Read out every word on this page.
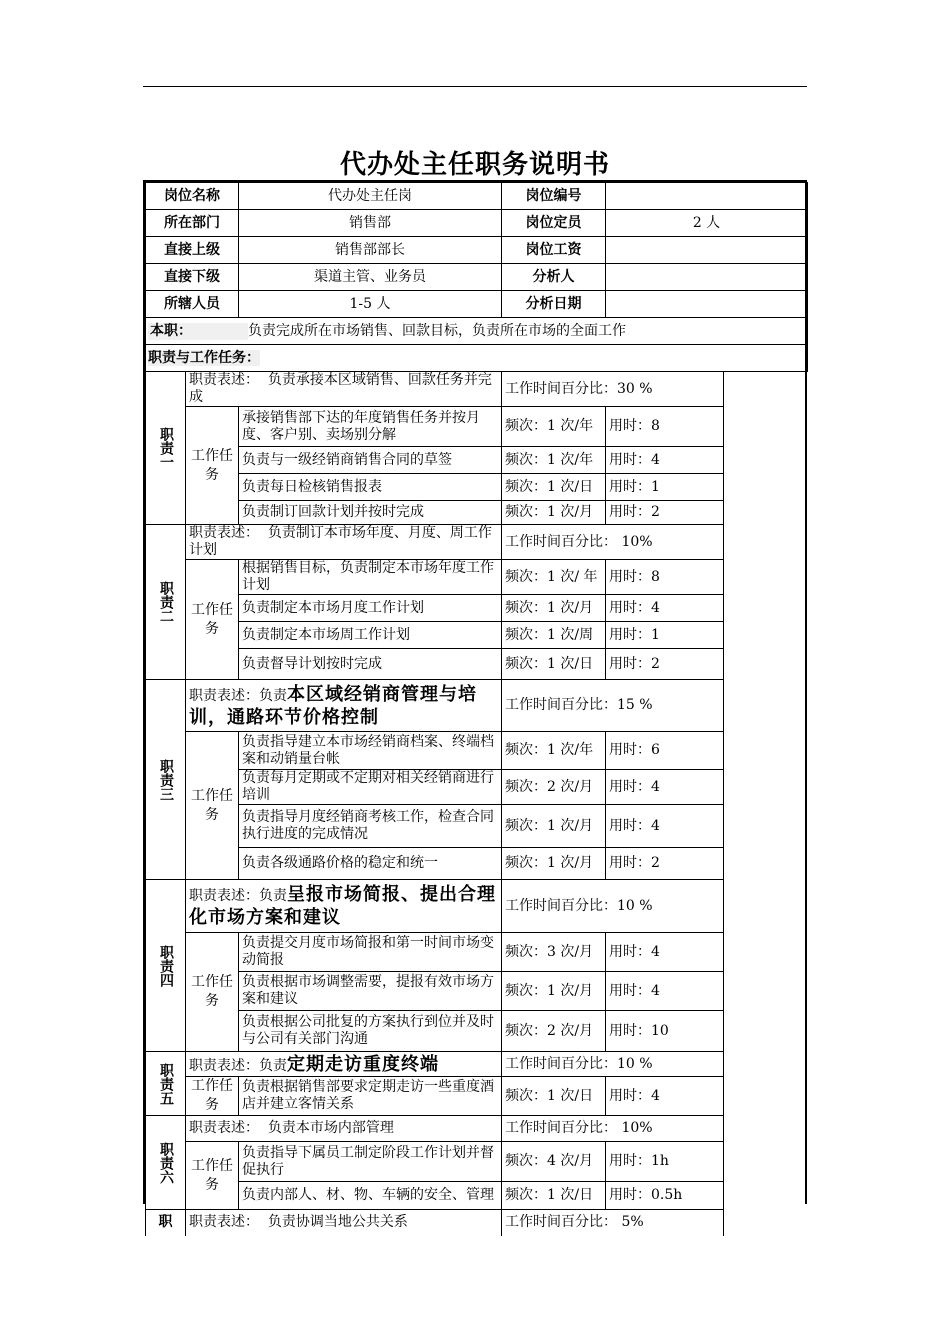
代办处主任职务说明书
岗位名称		代办处主任岗	岗位编号	
所在部门		销售部	岗位定员	2 人
直接上级		销售部部长	岗位工资	
直接下级		渠道主管、业务员	分析人	
所辖人员		1-5 人	分析日期	
本职： 负责完成所在市场销售、回款目标，负责所在市场的全面工作				
职责与工作任务：				
职责一	职责表述： 负责承接本区域销售、回款任务并完成		工作时间百分比：30 %	
	工作任务	承接销售部下达的年度销售任务并按月度、客户别、卖场别分解	频次：1 次/年	用时：8
		负责与一级经销商销售合同的草签	频次：1 次/年	用时：4
		负责每日检核销售报表	频次：1 次/日	用时：1
		负责制订回款计划并按时完成	频次：1 次/月	用时：2
职责二	职责表述： 负责制订本市场年度、月度、周工作计划		工作时间百分比： 10%	
	工作任务	根据销售目标，负责制定本市场年度工作计划	频次：1 次/ 年	用时：8
		负责制定本市场月度工作计划	频次：1 次/月	用时：4
		负责制定本市场周工作计划	频次：1 次/周	用时：1
		负责督导计划按时完成	频次：1 次/日	用时：2
职责三	职责表述：负责本区域经销商管理与培训，通路环节价格控制		工作时间百分比：15 %	
	工作任务	负责指导建立本市场经销商档案、终端档案和动销量台帐	频次：1 次/年	用时：6
		负责每月定期或不定期对相关经销商进行培训	频次：2 次/月	用时：4
		负责指导月度经销商考核工作，检查合同执行进度的完成情况	频次：1 次/月	用时：4
		负责各级通路价格的稳定和统一	频次：1 次/月	用时：2
职责四	职责表述：负责呈报市场简报、提出合理化市场方案和建议		工作时间百分比：10 %	
	工作任务	负责提交月度市场简报和第一时间市场变动简报	频次：3 次/月	用时：4
		负责根据市场调整需要，提报有效市场方案和建议	频次：1 次/月	用时：4
		负责根据公司批复的方案执行到位并及时与公司有关部门沟通	频次：2 次/月	用时：10
职责五	职责表述：负责定期走访重度终端		工作时间百分比：10 %	
	工作任务	负责根据销售部要求定期走访一些重度酒店并建立客情关系	频次：1 次/日	用时：4
职责六	职责表述： 负责本市场内部管理		工作时间百分比： 10%	
	工作任务	负责指导下属员工制定阶段工作计划并督促执行	频次：4 次/月	用时：1h
		负责内部人、材、物、车辆的安全、管理	频次：1 次/日	用时：0.5h
职	职责表述： 负责协调当地公共关系		工作时间百分比： 5%	
